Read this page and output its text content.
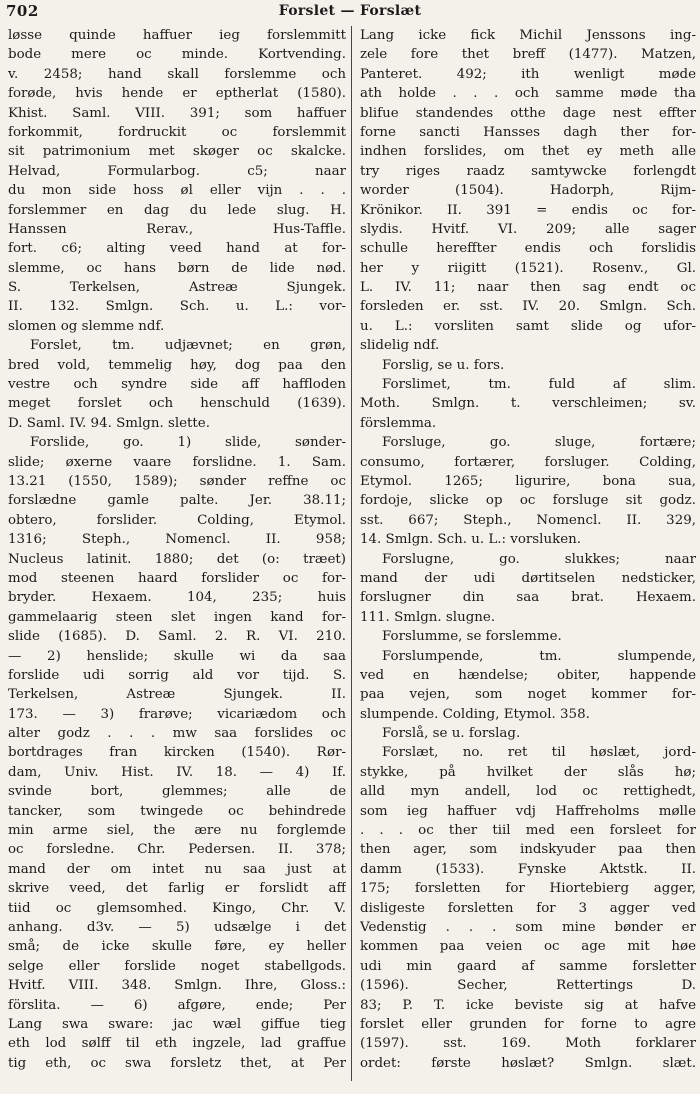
702	Forslet — Forslæt
løsse quinde haffuer ieg forslemmitt
bode mere oc minde. Kortvending.
v. 2458; hand skall forslemme och
forøde, hvis hende er eptherlat (1580).
Khist. Saml. VIII. 391; som haffuer
forkommit, fordruckit oc forslemmit
sit patrimonium met skøger oc skalcke.
Helvad, Formularbog. c5; naar
du mon side hoss øl eller vijn . . .
forslemmer en dag du lede slug. H.
Hanssen Rerav., Hus-Taffle.
fort. c6; alting veed hand at for-
slemme, oc hans børn de lide nød.
S. Terkelsen, Astreæ Sjungek.
II. 132. Smlgn. Sch. u. L.: vor-
slomen og slemme ndf.
Forslet, tm. udjævnet; en grøn,
bred vold, temmelig høy, dog paa den
vestre och syndre side aff haffloden
meget forslet och henschuld (1639).
D. Saml. IV. 94. Smlgn. slette.
Forslide, go. 1) slide, sønder-
slide; øxerne vaare forslidne. 1. Sam.
13.21 (1550, 1589); sønder reffne oc
forslædne gamle palte. Jer. 38.11;
obtero, forslider. Colding, Etymol.
1316; Steph., Nomencl. II. 958;
Nucleus latinit. 1880; det (o: træet)
mod steenen haard forslider oc for-
bryder. Hexaem. 104, 235; huis
gammelaarig steen slet ingen kand for-
slide (1685). D. Saml. 2. R. VI. 210.
— 2) henslide; skulle wi da saa
forslide udi sorrig ald vor tijd. S.
Terkelsen, Astreæ Sjungek. II.
173. — 3) frarøve; vicariædom och
alter godz . . . mw saa forslides oc
bortdrages fran kircken (1540). Rør-
dam, Univ. Hist. IV. 18. — 4) If.
svinde bort, glemmes; alle de
tancker, som twingede oc behindrede
min arme siel, the ære nu forglemde
oc forsledne. Chr. Pedersen. II. 378;
mand der om intet nu saa just at
skrive veed, det farlig er forslidt aff
tiid oc glemsomhed. Kingo, Chr. V.
anhang. d3v. — 5) udsælge i det
små; de icke skulle føre, ey heller
selge eller forslide noget stabellgods.
Hvitf. VIII. 348. Smlgn. Ihre, Gloss.:
förslita. — 6) afgøre, ende; Per
Lang swa sware: jac wæl giffue tieg
eth lod sølff til eth ingzele, lad graffue
tig eth, oc swa forsletz thet, at Per
Lang icke fick Michil Jenssons ing-
zele fore thet breff (1477). Matzen,
Panteret. 492; ith wenligt møde
ath holde . . . och samme møde tha
blifue standendes otthe dage nest effter
forne sancti Hansses dagh ther for-
indhen forslides, om thet ey meth alle
try riges raadz samtywcke forlengdt
worder (1504). Hadorph, Rijm-
Krönikor. II. 391 = endis oc for-
slydis. Hvitf. VI. 209; alle sager
schulle hereffter endis och forslidis
her y riigitt (1521). Rosenv., Gl.
L. IV. 11; naar then sag endt oc
forsleden er. sst. IV. 20. Smlgn. Sch.
u. L.: vorsliten samt slide og ufor-
slidelig ndf.
Forslig, se u. fors.
Forslimet, tm. fuld af slim.
Moth. Smlgn. t. verschleimen; sv.
förslemma.
Forsluge, go. sluge, fortære;
consumo, fortærer, forsluger. Colding,
Etymol. 1265; ligurire, bona sua,
fordoje, slicke op oc forsluge sit godz.
sst. 667; Steph., Nomencl. II. 329,
14. Smlgn. Sch. u. L.: vorsluken.
Forslugne, go. slukkes; naar
mand der udi dørtitselen nedsticker,
forslugner din saa brat. Hexaem.
111. Smlgn. slugne.
Forslumme, se forslemme.
Forslumpende, tm. slumpende,
ved en hændelse; obiter, happende
paa vejen, som noget kommer for-
slumpende. Colding, Etymol. 358.
Forslå, se u. forslag.
Forslæt, no. ret til høslæt, jord-
stykke, på hvilket der slås hø;
alld myn andell, lod oc rettighedt,
som ieg haffuer vdj Haffreholms mølle
. . . oc ther tiil med een forsleet for
then ager, som indskyuder paa then
damm (1533). Fynske Aktstk. II.
175; forsletten for Hiortebierg agger,
disligeste forsletten for 3 agger ved
Vedenstig . . . som mine bønder er
kommen paa veien oc age mit høe
udi min gaard af samme forsletter
(1596). Secher, Rettertings D.
83; P. T. icke beviste sig at hafve
forslet eller grunden for forne to agre
(1597). sst. 169. Moth forklarer
ordet: første høslæt? Smlgn. slæt.
